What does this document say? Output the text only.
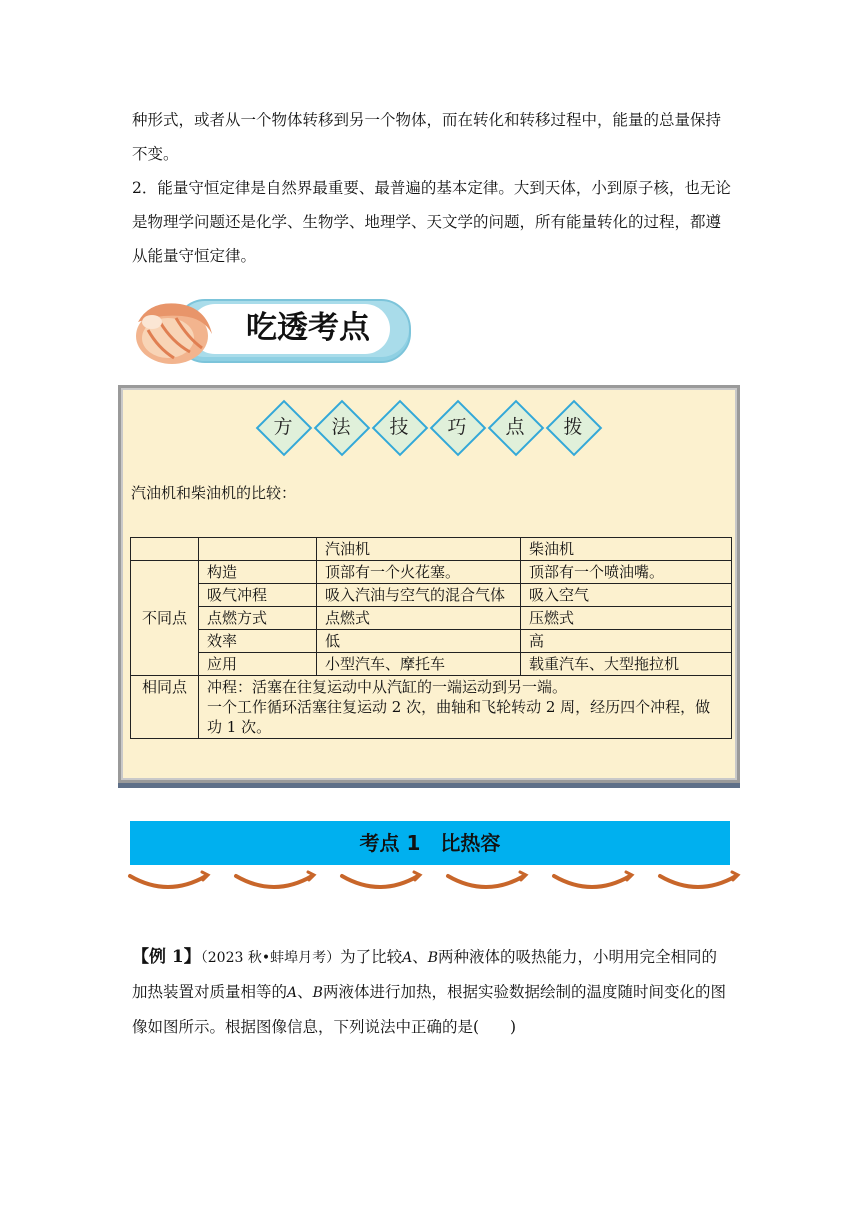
种形式，或者从一个物体转移到另一个物体，而在转化和转移过程中，能量的总量保持不变。

2．能量守恒定律是自然界最重要、最普遍的基本定律。大到天体，小到原子核，也无论是物理学问题还是化学、生物学、地理学、天文学的问题，所有能量转化的过程，都遵从能量守恒定律。

吃透考点
方	法	技	巧	点	拨

汽油机和柴油机的比较：

		汽油机	柴油机
不同点	构造	顶部有一个火花塞。	顶部有一个喷油嘴。
	吸气冲程	吸入汽油与空气的混合气体	吸入空气
	点燃方式	点燃式	压燃式
	效率	低	高
	应用	小型汽车、摩托车	载重汽车、大型拖拉机
相同点	冲程：活塞在往复运动中从汽缸的一端运动到另一端。
一个工作循环活塞往复运动 2 次，曲轴和飞轮转动 2 周，经历四个冲程，做功 1 次。		
考点 1　比热容

【例 1】（2023 秋•蚌埠月考）为了比较A、B两种液体的吸热能力，小明用完全相同的加热装置对质量相等的A、B两液体进行加热，根据实验数据绘制的温度随时间变化的图像如图所示。根据图像信息，下列说法中正确的是(　　)
